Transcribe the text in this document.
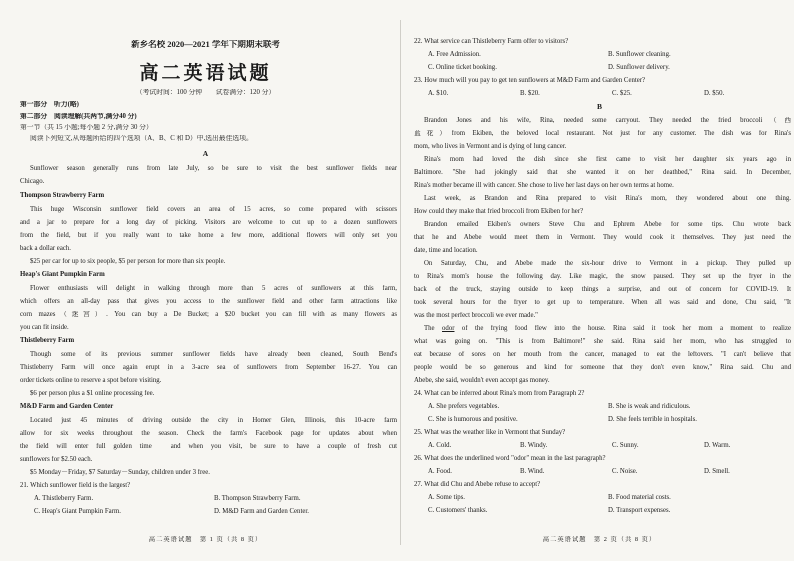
新乡名校 2020—2021 学年下期期末联考
高二英语试题
（考试时间：100 分钟　　试卷满分：120 分）
第一部分　听力(略)
第二部分　阅读理解(共两节,满分40 分)
第一节（共 15 小题;每小题 2 分,满分 30 分）
阅读下列短文,从每题所给的四个选项（A、B、C 和 D）中,选出最佳选项。
A
Sunflower season generally runs from late July, so be sure to visit the best sunflower fields near
Chicago.
Thompson Strawberry Farm
This huge Wisconsin sunflower field covers an area of 15 acres, so come prepared with scissors
and a jar to prepare for a long day of picking. Visitors are welcome to cut up to a dozen sunflowers
from the field, but if you really want to take home a few more, additional flowers will only set you
back a dollar each.
$25 per car for up to six people, $5 per person for more than six people.
Heap's Giant Pumpkin Farm
Flower enthusiasts will delight in walking through more than 5 acres of sunflowers at this farm,
which offers an all-day pass that gives you access to the sunflower field and other farm attractions like
corn mazes（迷宫）. You can buy a De Bucket; a $20 bucket you can fill with as many flowers as
you can fit inside.
Thistleberry Farm
Though some of its previous summer sunflower fields have already been cleaned, South Bend's
Thistleberry Farm will once again erupt in a 3-acre sea of sunflowers from September 16-27. You can
order tickets online to reserve a spot before visiting.
$6 per person plus a $1 online processing fee.
M&D Farm and Garden Center
Located just 45 minutes of driving outside the city in Homer Glen, Illinois, this 10-acre farm
allow for six weeks throughout the season. Check the farm's Facebook page for updates about when
the field will enter full golden time　and when you visit, be sure to have a couple of fresh cut
sunflowers for $2.50 each.
$5 Monday－Friday, $7 Saturday－Sunday, children under 3 free.
21. Which sunflower field is the largest?
A. Thistleberry Farm.	B. Thompson Strawberry Farm.
C. Heap's Giant Pumpkin Farm.	D. M&D Farm and Garden Center.
高二英语试题　第 1 页（共 8 页）
22. What service can Thistleberry Farm offer to visitors?
A. Free Admission.	B. Sunflower cleaning.
C. Online ticket booking.	D. Sunflower delivery.
23. How much will you pay to get ten sunflowers at M&D Farm and Garden Center?
A. $10.	B. $20.	C. $25.	D. $50.
B
Brandon Jones and his wife, Rina, needed some carryout. They needed the fried broccoli（西
蓝花）from Ekiben, the beloved local restaurant. Not just for any customer. The dish was for Rina's
mom, who lives in Vermont and is dying of lung cancer.
Rina's mom had loved the dish since she first came to visit her daughter six years ago in
Baltimore. "She had jokingly said that she wanted it on her deathbed," Rina said. In December,
Rina's mother became ill with cancer. She chose to live her last days on her own terms at home.
Last week, as Brandon and Rina prepared to visit Rina's mom, they wondered about one thing.
How could they make that fried broccoli from Ekiben for her?
Brandon emailed Ekiben's owners Steve Chu and Ephrem Abebe for some tips. Chu wrote back
that he and Abebe would meet them in Vermont. They would cook it themselves. They just need the
date, time and location.
On Saturday, Chu, and Abebe made the six-hour drive to Vermont in a pickup. They pulled up
to Rina's mom's house the following day. Like magic, the snow paused. They set up the fryer in the
back of the truck, staying outside to keep things a surprise, and out of concern for COVID-19. It
took several hours for the fryer to get up to temperature. When all was said and done, Chu said, "It
was the most perfect broccoli we ever made."
The odor of the frying food flew into the house. Rina said it took her mom a moment to realize
what was going on. "This is from Baltimore!" she said. Rina said her mom, who has struggled to
eat because of sores on her mouth from the cancer, managed to eat the leftovers. "I can't believe that
people would be so generous and kind for someone that they don't even know," Rina said. Chu and
Abebe, she said, wouldn't even accept gas money.
24. What can be inferred about Rina's mom from Paragraph 2?
A. She prefers vegetables.	B. She is weak and ridiculous.
C. She is humorous and positive.	D. She feels terrible in hospitals.
25. What was the weather like in Vermont that Sunday?
A. Cold.	B. Windy.	C. Sunny.	D. Warm.
26. What does the underlined word "odor" mean in the last paragraph?
A. Food.	B. Wind.	C. Noise.	D. Smell.
27. What did Chu and Abebe refuse to accept?
A. Some tips.	B. Food material costs.
C. Customers' thanks.	D. Transport expenses.
高二英语试题　第 2 页（共 8 页）
